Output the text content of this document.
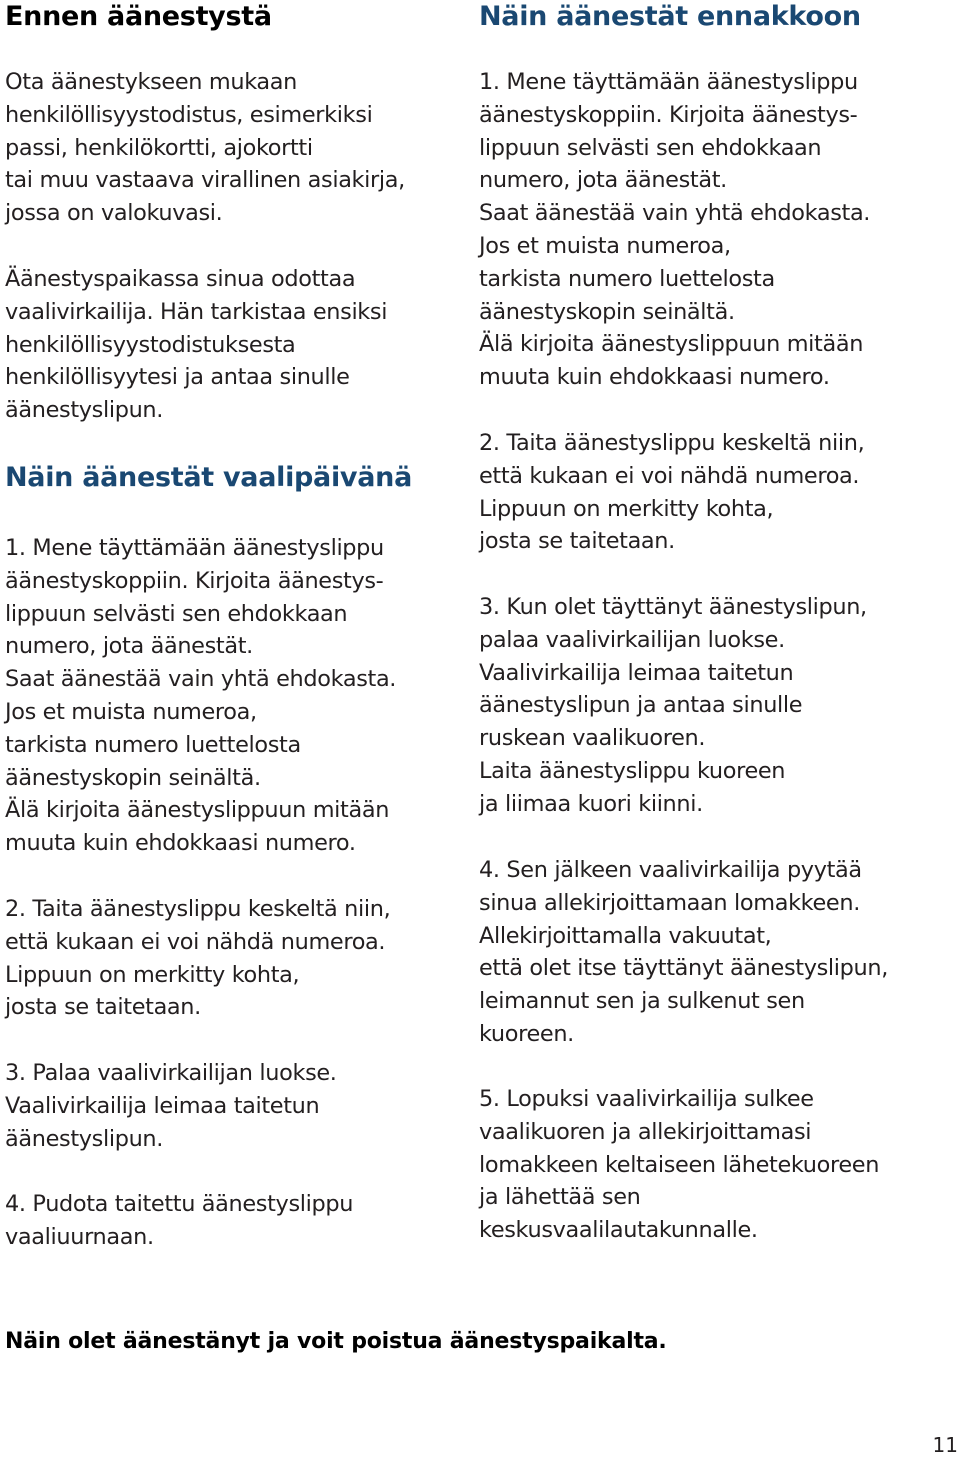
Ennen äänestystä
Ota äänestykseen mukaan
henkilöllisyystodistus, esimerkiksi
passi, henkilökortti, ajokortti
tai muu vastaava virallinen asiakirja,
jossa on valokuvasi.
Äänestyspaikassa sinua odottaa
vaalivirkailija. Hän tarkistaa ensiksi
henkilöllisyystodistuksesta
henkilöllisyytesi ja antaa sinulle
äänestyslipun.
Näin äänestät vaalipäivänä
1. Mene täyttämään äänestyslippu
äänestyskoppiin. Kirjoita äänestys-
lippuun selvästi sen ehdokkaan
numero, jota äänestät.
Saat äänestää vain yhtä ehdokasta.
Jos et muista numeroa,
tarkista numero luettelosta
äänestyskopin seinältä.
Älä kirjoita äänestyslippuun mitään
muuta kuin ehdokkaasi numero.
2. Taita äänestyslippu keskeltä niin,
että kukaan ei voi nähdä numeroa.
Lippuun on merkitty kohta,
josta se taitetaan.
3. Palaa vaalivirkailijan luokse.
Vaalivirkailija leimaa taitetun
äänestyslipun.
4. Pudota taitettu äänestyslippu
vaaliuurnaan.
Näin äänestät ennakkoon
1. Mene täyttämään äänestyslippu
äänestyskoppiin. Kirjoita äänestys-
lippuun selvästi sen ehdokkaan
numero, jota äänestät.
Saat äänestää vain yhtä ehdokasta.
Jos et muista numeroa,
tarkista numero luettelosta
äänestyskopin seinältä.
Älä kirjoita äänestyslippuun mitään
muuta kuin ehdokkaasi numero.
2. Taita äänestyslippu keskeltä niin,
että kukaan ei voi nähdä numeroa.
Lippuun on merkitty kohta,
josta se taitetaan.
3. Kun olet täyttänyt äänestyslipun,
palaa vaalivirkailijan luokse.
Vaalivirkailija leimaa taitetun
äänestyslipun ja antaa sinulle
ruskean vaalikuoren.
Laita äänestyslippu kuoreen
ja liimaa kuori kiinni.
4. Sen jälkeen vaalivirkailija pyytää
sinua allekirjoittamaan lomakkeen.
Allekirjoittamalla vakuutat,
että olet itse täyttänyt äänestyslipun,
leimannut sen ja sulkenut sen
kuoreen.
5. Lopuksi vaalivirkailija sulkee
vaalikuoren ja allekirjoittamasi
lomakkeen keltaiseen lähetekuoreen
ja lähettää sen
keskusvaalilautakunnalle.
Näin olet äänestänyt ja voit poistua äänestyspaikalta.
11
